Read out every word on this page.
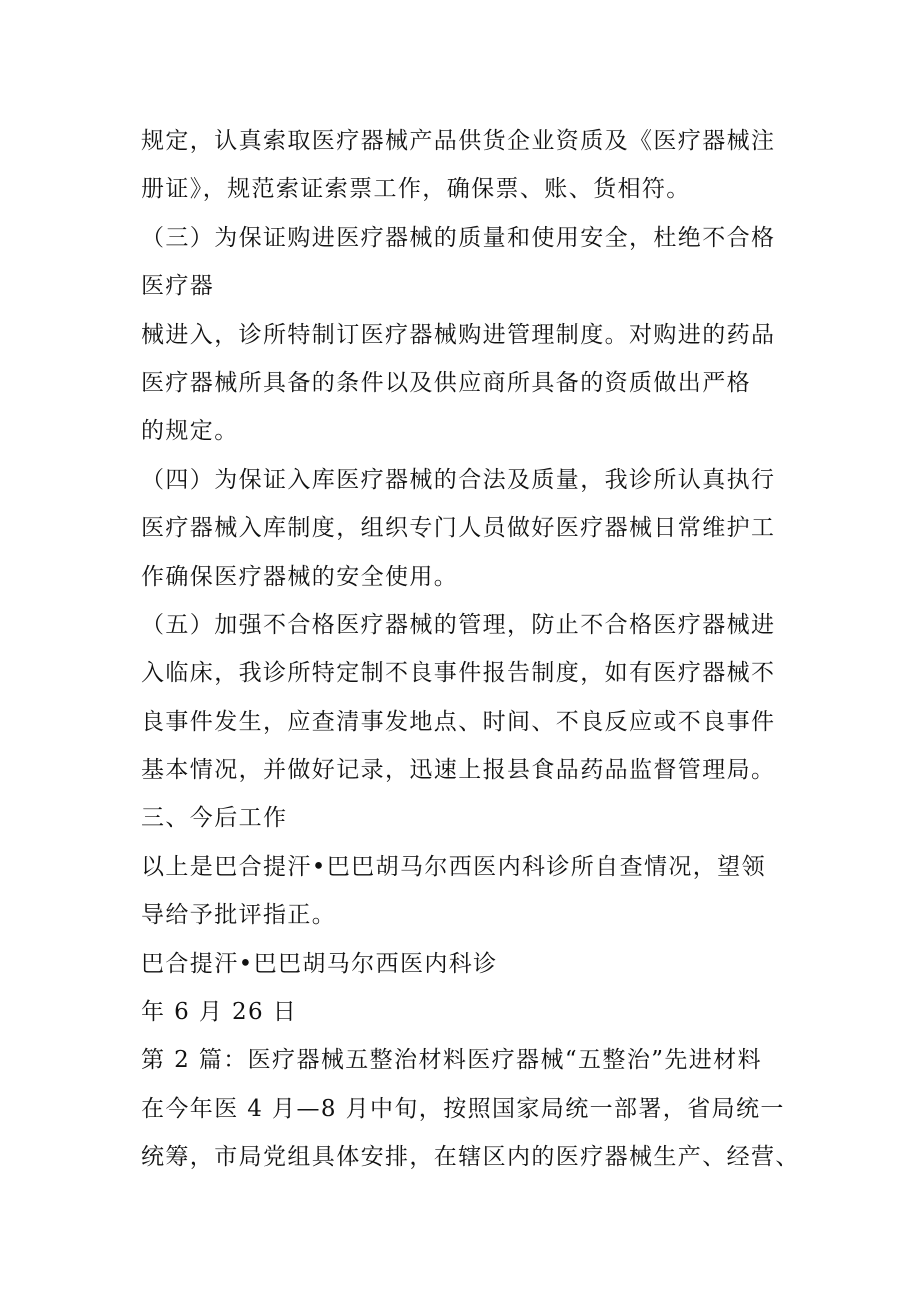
规定，认真索取医疗器械产品供货企业资质及《医疗器械注
册证》，规范索证索票工作，确保票、账、货相符。
（三）为保证购进医疗器械的质量和使用安全，杜绝不合格
医疗器
械进入，诊所特制订医疗器械购进管理制度。对购进的药品
医疗器械所具备的条件以及供应商所具备的资质做出严格
的规定。
（四）为保证入库医疗器械的合法及质量，我诊所认真执行
医疗器械入库制度，组织专门人员做好医疗器械日常维护工
作确保医疗器械的安全使用。
（五）加强不合格医疗器械的管理，防止不合格医疗器械进
入临床，我诊所特定制不良事件报告制度，如有医疗器械不
良事件发生，应查清事发地点、时间、不良反应或不良事件
基本情况，并做好记录，迅速上报县食品药品监督管理局。
三、今后工作
以上是巴合提汗•巴巴胡马尔西医内科诊所自查情况，望领
导给予批评指正。
巴合提汗•巴巴胡马尔西医内科诊
年 6 月 26 日
第 2 篇：医疗器械五整治材料医疗器械“五整治”先进材料
在今年医 4 月—8 月中旬，按照国家局统一部署，省局统一
统筹，市局党组具体安排，在辖区内的医疗器械生产、经营、
